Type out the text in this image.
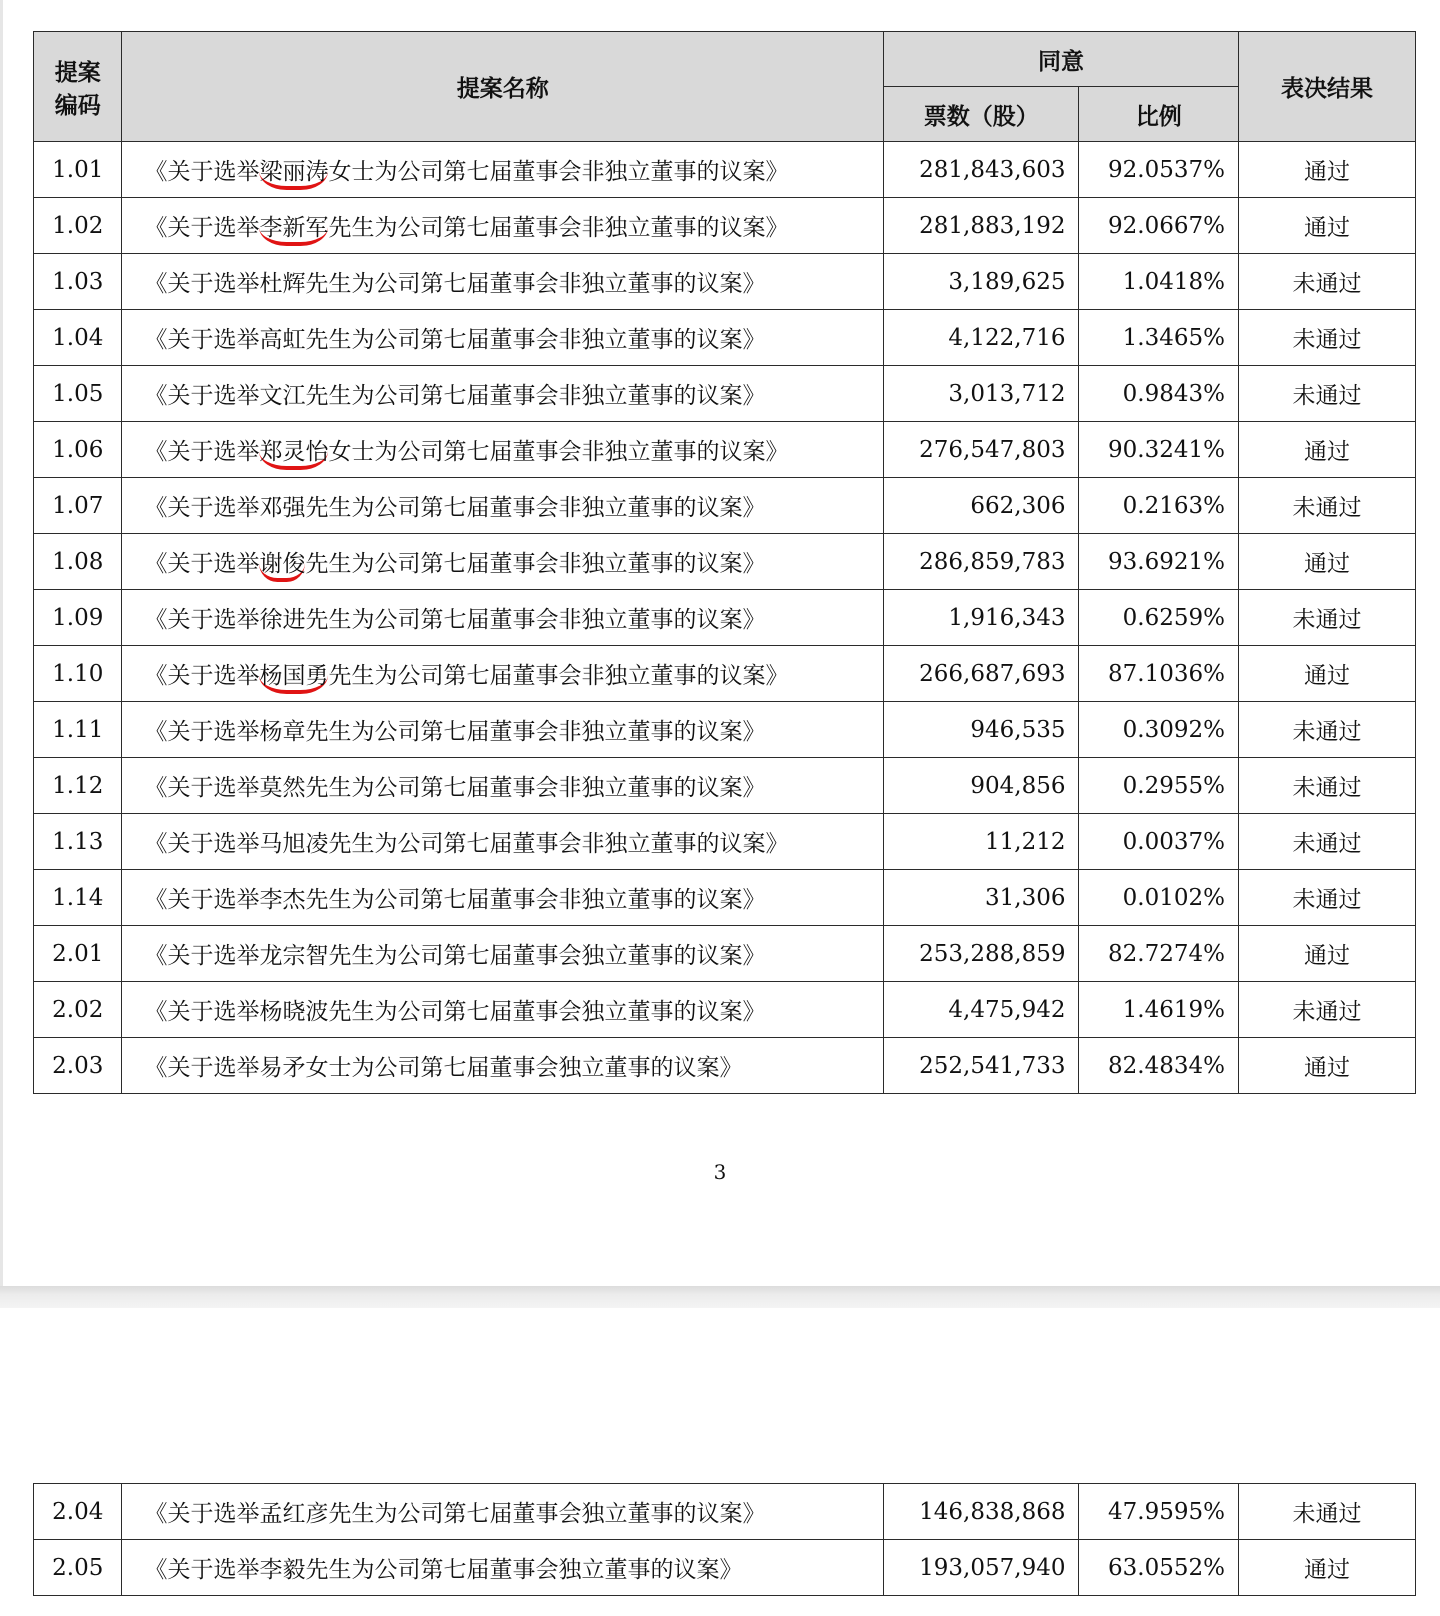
提案
编码	提案名称	同意		表决结果
		票数（股）	比例	
1.01	《关于选举梁丽涛女士为公司第七届董事会非独立董事的议案》	281,843,603	92.0537%	通过
1.02	《关于选举李新军先生为公司第七届董事会非独立董事的议案》	281,883,192	92.0667%	通过
1.03	《关于选举杜辉先生为公司第七届董事会非独立董事的议案》	3,189,625	1.0418%	未通过
1.04	《关于选举高虹先生为公司第七届董事会非独立董事的议案》	4,122,716	1.3465%	未通过
1.05	《关于选举文江先生为公司第七届董事会非独立董事的议案》	3,013,712	0.9843%	未通过
1.06	《关于选举郑灵怡女士为公司第七届董事会非独立董事的议案》	276,547,803	90.3241%	通过
1.07	《关于选举邓强先生为公司第七届董事会非独立董事的议案》	662,306	0.2163%	未通过
1.08	《关于选举谢俊先生为公司第七届董事会非独立董事的议案》	286,859,783	93.6921%	通过
1.09	《关于选举徐进先生为公司第七届董事会非独立董事的议案》	1,916,343	0.6259%	未通过
1.10	《关于选举杨国勇先生为公司第七届董事会非独立董事的议案》	266,687,693	87.1036%	通过
1.11	《关于选举杨章先生为公司第七届董事会非独立董事的议案》	946,535	0.3092%	未通过
1.12	《关于选举莫然先生为公司第七届董事会非独立董事的议案》	904,856	0.2955%	未通过
1.13	《关于选举马旭凌先生为公司第七届董事会非独立董事的议案》	11,212	0.0037%	未通过
1.14	《关于选举李杰先生为公司第七届董事会非独立董事的议案》	31,306	0.0102%	未通过
2.01	《关于选举龙宗智先生为公司第七届董事会独立董事的议案》	253,288,859	82.7274%	通过
2.02	《关于选举杨晓波先生为公司第七届董事会独立董事的议案》	4,475,942	1.4619%	未通过
2.03	《关于选举易矛女士为公司第七届董事会独立董事的议案》	252,541,733	82.4834%	通过
3
2.04	《关于选举孟红彦先生为公司第七届董事会独立董事的议案》	146,838,868	47.9595%	未通过
2.05	《关于选举李毅先生为公司第七届董事会独立董事的议案》	193,057,940	63.0552%	通过
